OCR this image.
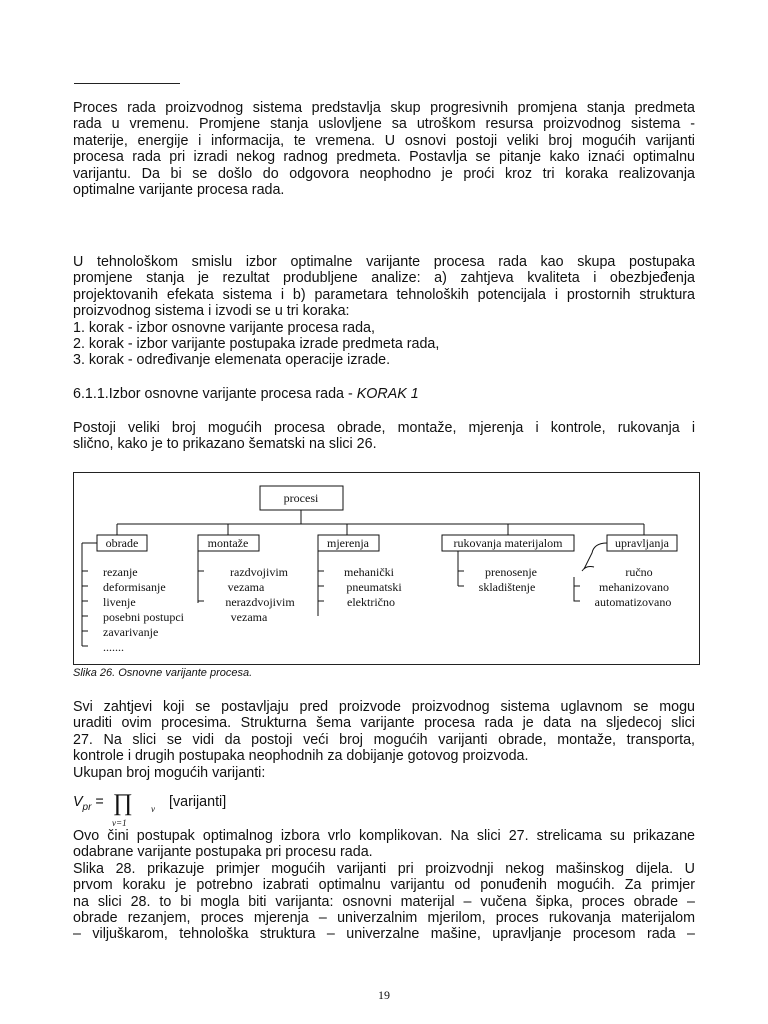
Proces rada proizvodnog sistema predstavlja skup progresivnih promjena stanja predmeta
rada u vremenu. Promjene stanja uslovljene sa utroškom resursa proizvodnog sistema -
materije, energije i informacija, te vremena. U osnovi postoji veliki broj mogućih varijanti
procesa rada pri izradi nekog radnog predmeta. Postavlja se pitanje kako iznaći optimalnu
varijantu. Da bi se došlo do odgovora neophodno je proći kroz tri koraka realizovanja
optimalne varijante procesa rada.
U tehnološkom smislu izbor optimalne varijante procesa rada kao skupa postupaka
promjene stanja je rezultat produbljene analize: a) zahtjeva kvaliteta i obezbjeđenja
projektovanih efekata sistema i b) parametara tehnoloških potencijala i prostornih struktura
proizvodnog sistema i izvodi se u tri koraka:
1. korak - izbor osnovne varijante procesa rada,
2. korak - izbor varijante postupaka izrade predmeta rada,
3. korak - određivanje elemenata operacije izrade.
6.1.1.Izbor osnovne varijante procesa rada - KORAK 1
Postoji veliki broj mogućih procesa obrade, montaže, mjerenja i kontrole, rukovanja i
slično, kako je to prikazano šematski na slici 26.
procesi
obrade
rezanje
deformisanje
livenje
posebni postupci
zavarivanje
.......
montaže
razdvojivim
vezama
nerazdvojivim
vezama
mjerenja
mehanički
pneumatski
električno
rukovanja materijalom
prenosenje
skladištenje
upravljanja
ručno
mehanizovano
automatizovano
Slika 26. Osnovne varijante procesa.
Svi zahtjevi koji se postavljaju pred proizvode proizvodnog sistema uglavnom se mogu
uraditi ovim procesima. Strukturna šema varijante procesa rada je data na sljedecoj slici
27. Na slici se vidi da postoji veći broj mogućih varijanti obrade, montaže, transporta,
kontrole i drugih postupaka neophodnih za dobijanje gotovog proizvoda.
Ukupan broj mogućih varijanti:
$V_{pr}$ = ∏
ν=1
ν [varijanti]
Ovo čini postupak optimalnog izbora vrlo komplikovan. Na slici 27. strelicama su prikazane
odabrane varijante postupaka pri procesu rada.
Slika 28. prikazuje primjer mogućih varijanti pri proizvodnji nekog mašinskog dijela. U
prvom koraku je potrebno izabrati optimalnu varijantu od ponuđenih mogućih. Za primjer
na slici 28. to bi mogla biti varijanta: osnovni materijal – vučena šipka, proces obrade –
obrade rezanjem, proces mjerenja – univerzalnim mjerilom, proces rukovanja materijalom
– viljuškarom, tehnološka struktura – univerzalne mašine, upravljanje procesom rada –
19
